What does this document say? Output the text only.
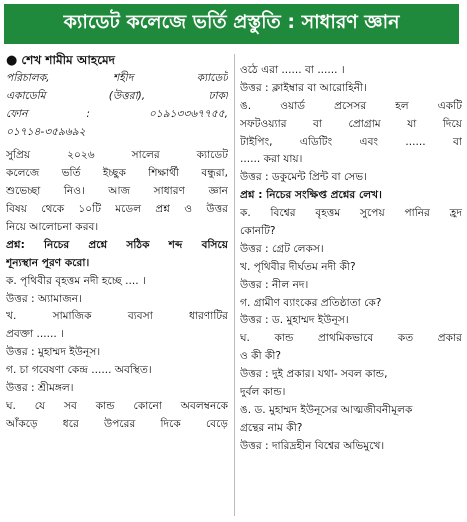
ক্যাডেট কলেজে ভর্তি প্রস্তুতি : সাধারণ জ্ঞান
● শেখ শামীম আহমেদ
পরিচালক, শহীদ ক্যাডেট
একাডেমি (উত্তরা), ঢাকা
ফোন : ০১৯১৩৩৬৭৭৫৫,
০১৭১৪-৩৫৯৬৯২
সুপ্রিয় ২০২৬ সালের ক্যাডেট
কলেজে ভর্তি ইচ্ছুক শিক্ষার্থী বন্ধুরা,
শুভেচ্ছা নিও। আজ সাধারণ জ্ঞান
বিষয় থেকে ১০টি মডেল প্রশ্ন ও উত্তর
নিয়ে আলোচনা করব।
প্রশ্ন: নিচের প্রশ্নে সঠিক শব্দ বসিয়ে
শূন্যস্থান পূরণ করো।
ক. পৃথিবীর বৃহত্তম নদী হচ্ছে .... ।
উত্তর : অ্যামাজন।
খ. সামাজিক ব্যবসা ধারণাটির
প্রবক্তা ...... ।
উত্তর : মুহাম্মদ ইউনূস।
গ. চা গবেষণা কেন্দ্র ...... অবস্থিত।
উত্তর : শ্রীমঙ্গল।
ঘ. যে সব কান্ড কোনো অবলম্বনকে
আঁকড়ে ধরে উপরের দিকে বেড়ে
ওঠে এরা ...... বা ...... ।
উত্তর : ক্লাইম্বার বা আরোহিনী।
ঙ. ওয়ার্ড প্রসেসর হল একটি
সফটওয়্যার বা প্রোগ্রাম যা দিয়ে
টাইপিং, এডিটিং এবং ...... বা
...... করা যায়।
উত্তর : ডকুমেন্ট প্রিন্ট বা সেভ।
প্রশ্ন : নিচের সংক্ষিপ্ত প্রশ্নের লেখ।
ক. বিশ্বের বৃহত্তম সুপেয় পানির হ্রদ
কোনটি?
উত্তর : গ্রেট লেকস।
খ. পৃথিবীর দীর্ঘতম নদী কী?
উত্তর : নীল নদ।
গ. গ্রামীণ ব্যাংকের প্রতিষ্ঠাতা কে?
উত্তর : ড. মুহাম্মদ ইউনূস।
ঘ. কান্ড প্রাথমিকভাবে কত প্রকার
ও কী কী?
উত্তর : দুই প্রকার। যথা- সবল কান্ড,
দুর্বল কান্ড।
ঙ. ড. মুহাম্মদ ইউনূসের আত্মজীবনীমূলক
গ্রন্থের নাম কী?
উত্তর : দারিদ্রহীন বিশ্বের অভিমুখে।
